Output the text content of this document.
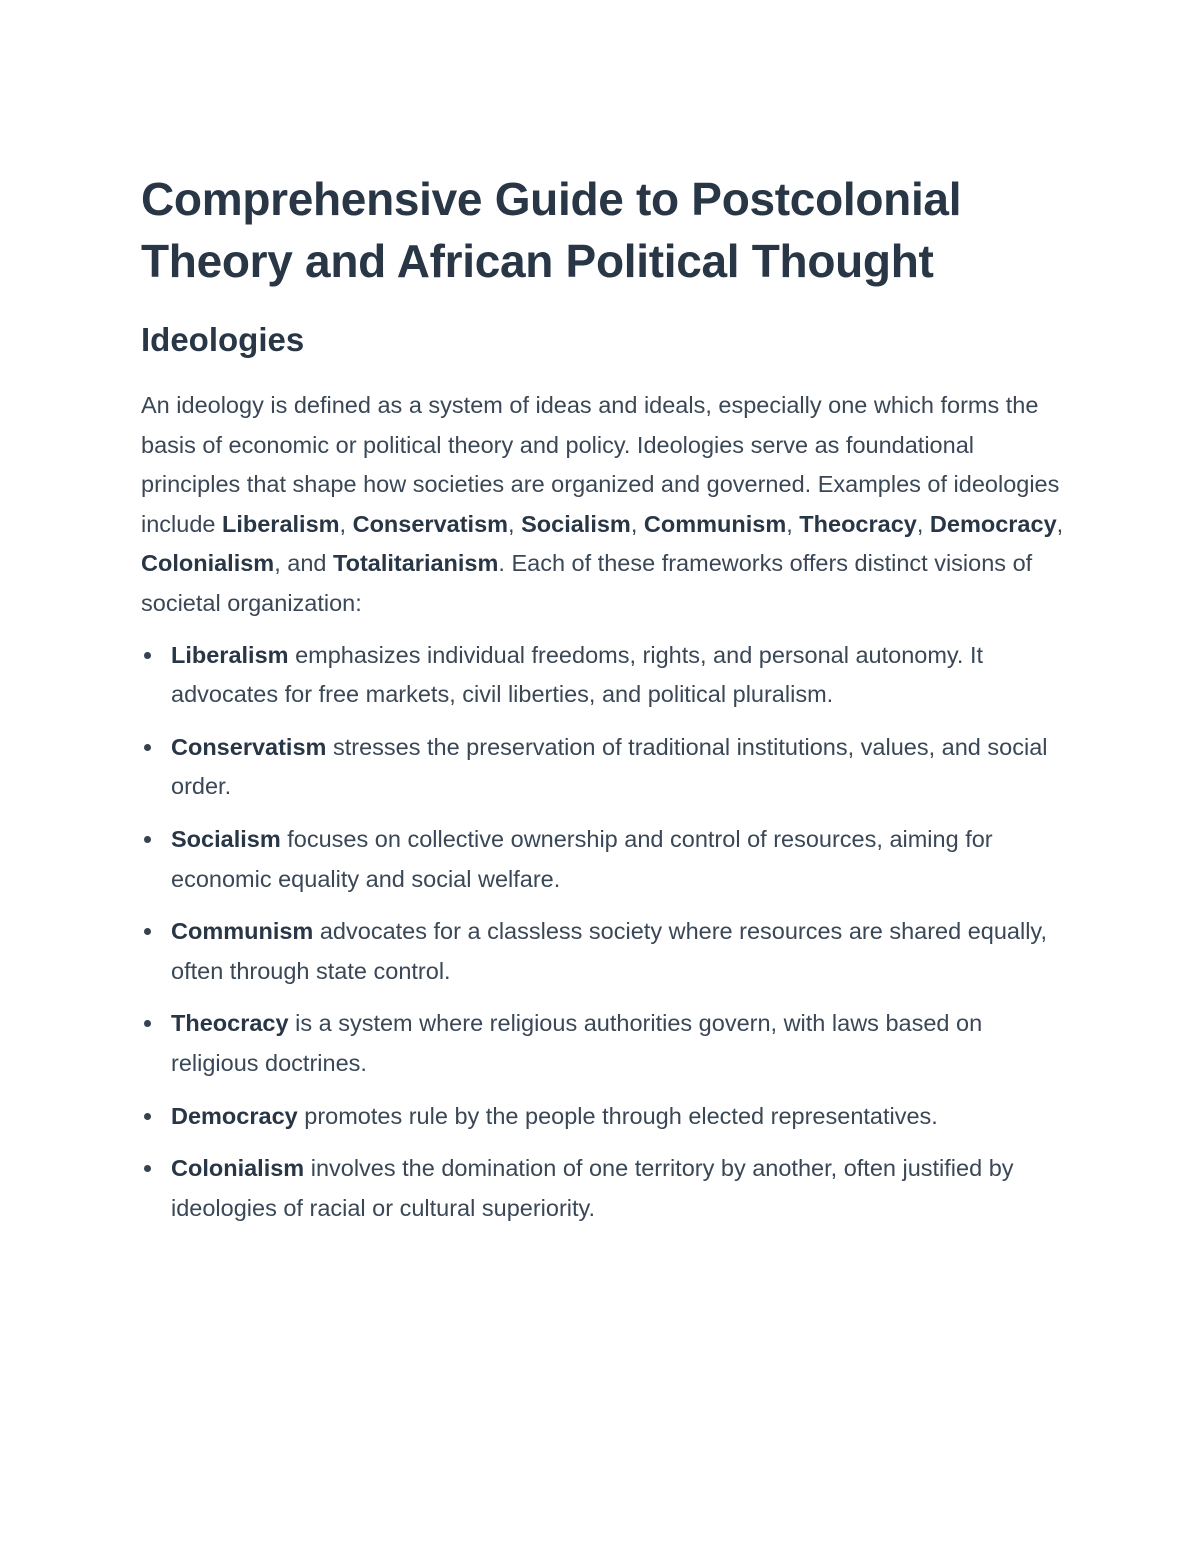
Comprehensive Guide to Postcolonial Theory and African Political Thought
Ideologies

An ideology is defined as a system of ideas and ideals, especially one which forms the basis of economic or political theory and policy. Ideologies serve as foundational principles that shape how societies are organized and governed. Examples of ideologies include Liberalism, Conservatism, Socialism, Communism, Theocracy, Democracy, Colonialism, and Totalitarianism. Each of these frameworks offers distinct visions of societal organization:

Liberalism emphasizes individual freedoms, rights, and personal autonomy. It advocates for free markets, civil liberties, and political pluralism.
Conservatism stresses the preservation of traditional institutions, values, and social order.
Socialism focuses on collective ownership and control of resources, aiming for economic equality and social welfare.
Communism advocates for a classless society where resources are shared equally, often through state control.
Theocracy is a system where religious authorities govern, with laws based on religious doctrines.
Democracy promotes rule by the people through elected representatives.
Colonialism involves the domination of one territory by another, often justified by ideologies of racial or cultural superiority.
